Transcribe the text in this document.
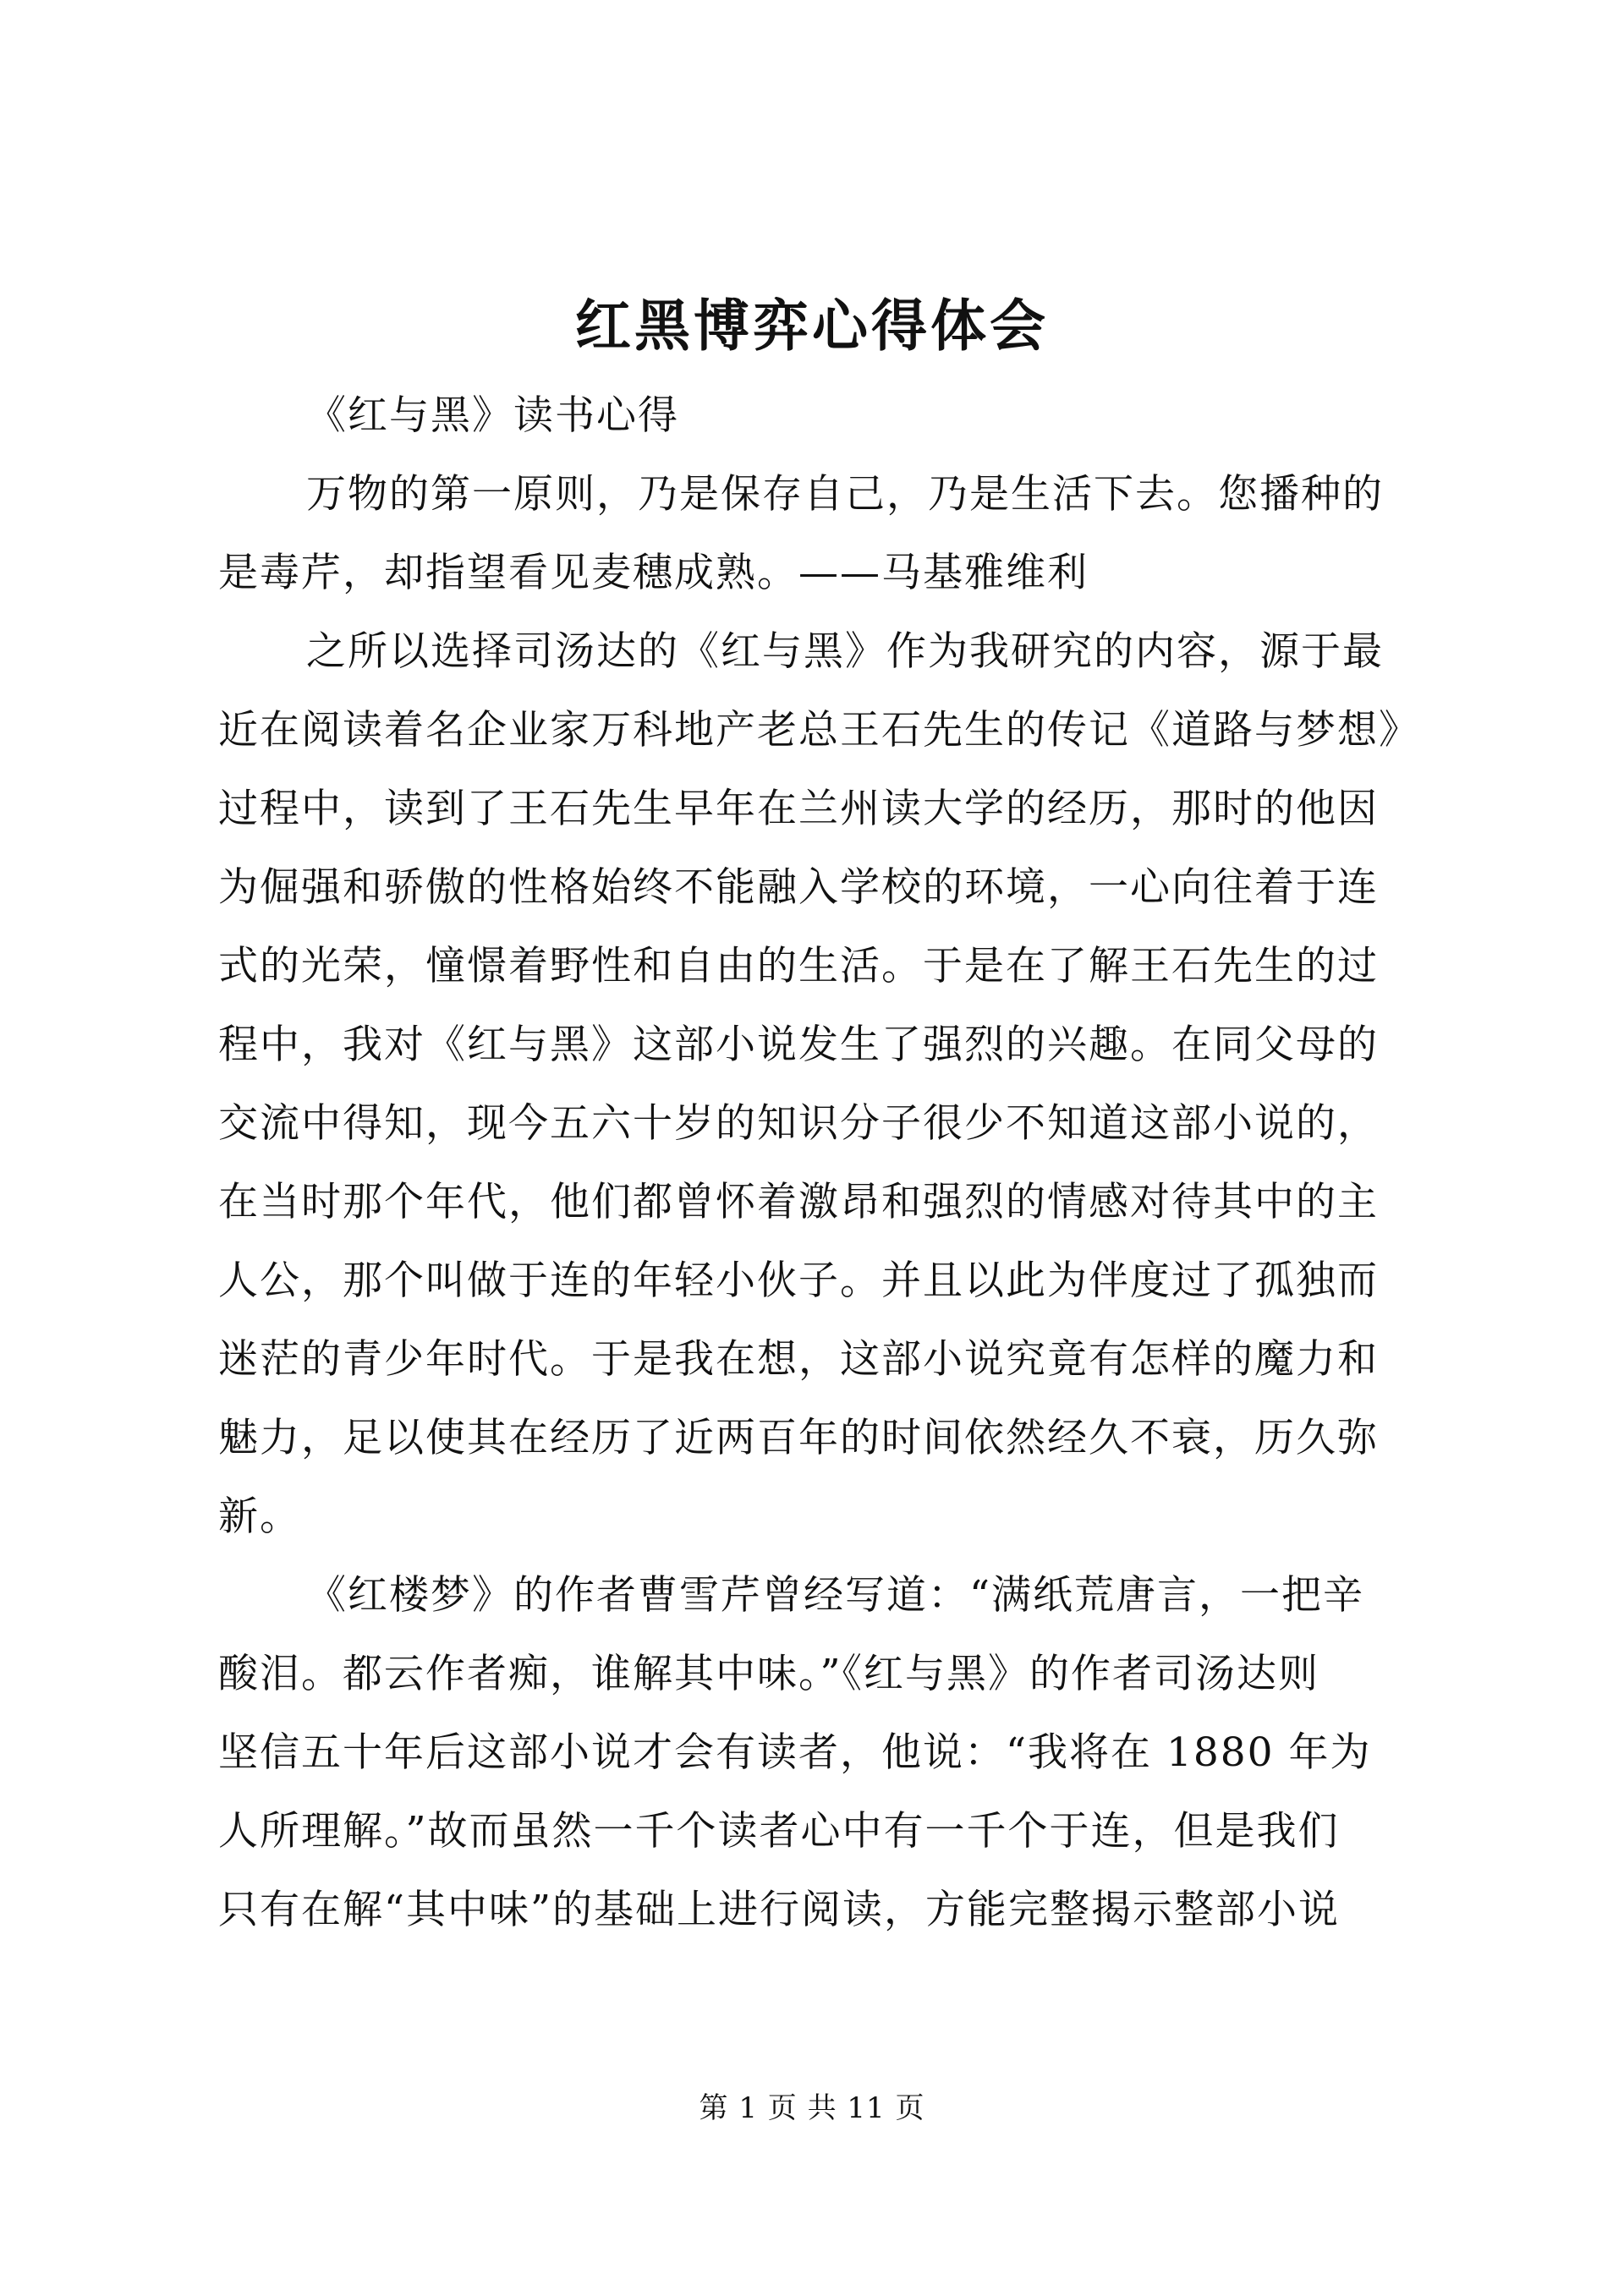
红黑博弈心得体会
《红与黑》读书心得
万物的第一原则，乃是保存自己，乃是生活下去。您播种的
是毒芹，却指望看见麦穗成熟。——马基雅维利
之所以选择司汤达的《红与黑》作为我研究的内容，源于最
近在阅读着名企业家万科地产老总王石先生的传记《道路与梦想》
过程中，读到了王石先生早年在兰州读大学的经历，那时的他因
为倔强和骄傲的性格始终不能融入学校的环境，一心向往着于连
式的光荣，憧憬着野性和自由的生活。于是在了解王石先生的过
程中，我对《红与黑》这部小说发生了强烈的兴趣。在同父母的
交流中得知，现今五六十岁的知识分子很少不知道这部小说的，
在当时那个年代，他们都曾怀着激昂和强烈的情感对待其中的主
人公，那个叫做于连的年轻小伙子。并且以此为伴度过了孤独而
迷茫的青少年时代。于是我在想，这部小说究竟有怎样的魔力和
魅力，足以使其在经历了近两百年的时间依然经久不衰，历久弥
新。
《红楼梦》的作者曹雪芹曾经写道：“满纸荒唐言，一把辛
酸泪。都云作者痴，谁解其中味。”《红与黑》的作者司汤达则
坚信五十年后这部小说才会有读者，他说：“我将在 1880 年为
人所理解。”故而虽然一千个读者心中有一千个于连，但是我们
只有在解“其中味”的基础上进行阅读，方能完整揭示整部小说
第 1 页 共 11 页
